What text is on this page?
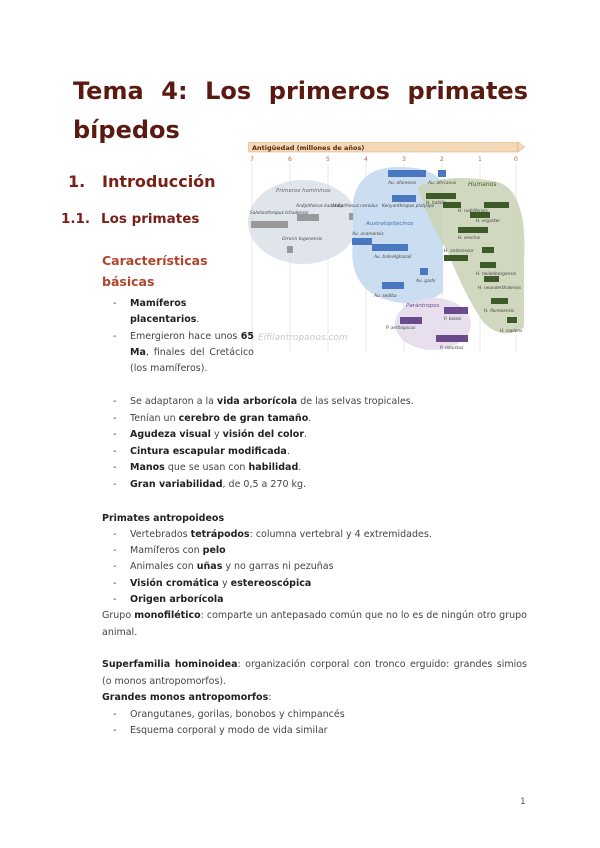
Tema 4: Los primeros primates
bípedos
1. Introducción
1.1. Los primates
Características
básicas
Antigüedad (millones de años)
7	6	5	4	3	2	1	0
Primeros homininos
Australopitecinos
Humanos
Parántropos
Sahelanthropus tchadensis
Ardipithecus kadabba
Ardipithecus ramidus
Orrorin tugenensis
Au. afarensis	Au. africanus
Kenyanthropus platyops
Au. anamensis
Au. bahrelghazali
Au. garhi
Au. sediba
P. aethiopicus
P. boisei
P. robustus
H. habilis
H. rudolfensis
H. ergaster
H. erectus
H. antecessor
H. heidelbergensis
H. neanderthalensis
H. sapiens
H. floresiensis
Elfilantropanos.com
- Mamíferos placentarios.
- Emergieron hace unos 65 Ma, finales del Cretácico (los mamíferos).
- Se adaptaron a la vida arborícola de las selvas tropicales.
- Tenían un cerebro de gran tamaño.
- Agudeza visual y visión del color.
- Cintura escapular modificada.
- Manos que se usan con habilidad.
- Gran variabilidad, de 0,5 a 270 kg.
Primates antropoideos
- Vertebrados tetrápodos: columna vertebral y 4 extremidades.
- Mamíferos con pelo
- Animales con uñas y no garras ni pezuñas
- Visión cromática y estereoscópica
- Origen arborícola
Grupo monofilético: comparte un antepasado común que no lo es de ningún otro grupo animal.
Superfamilia hominoidea: organización corporal con tronco erguido: grandes simios (o monos antropomorfos).
Grandes monos antropomorfos:
- Orangutanes, gorilas, bonobos y chimpancés
- Esquema corporal y modo de vida similar
1
